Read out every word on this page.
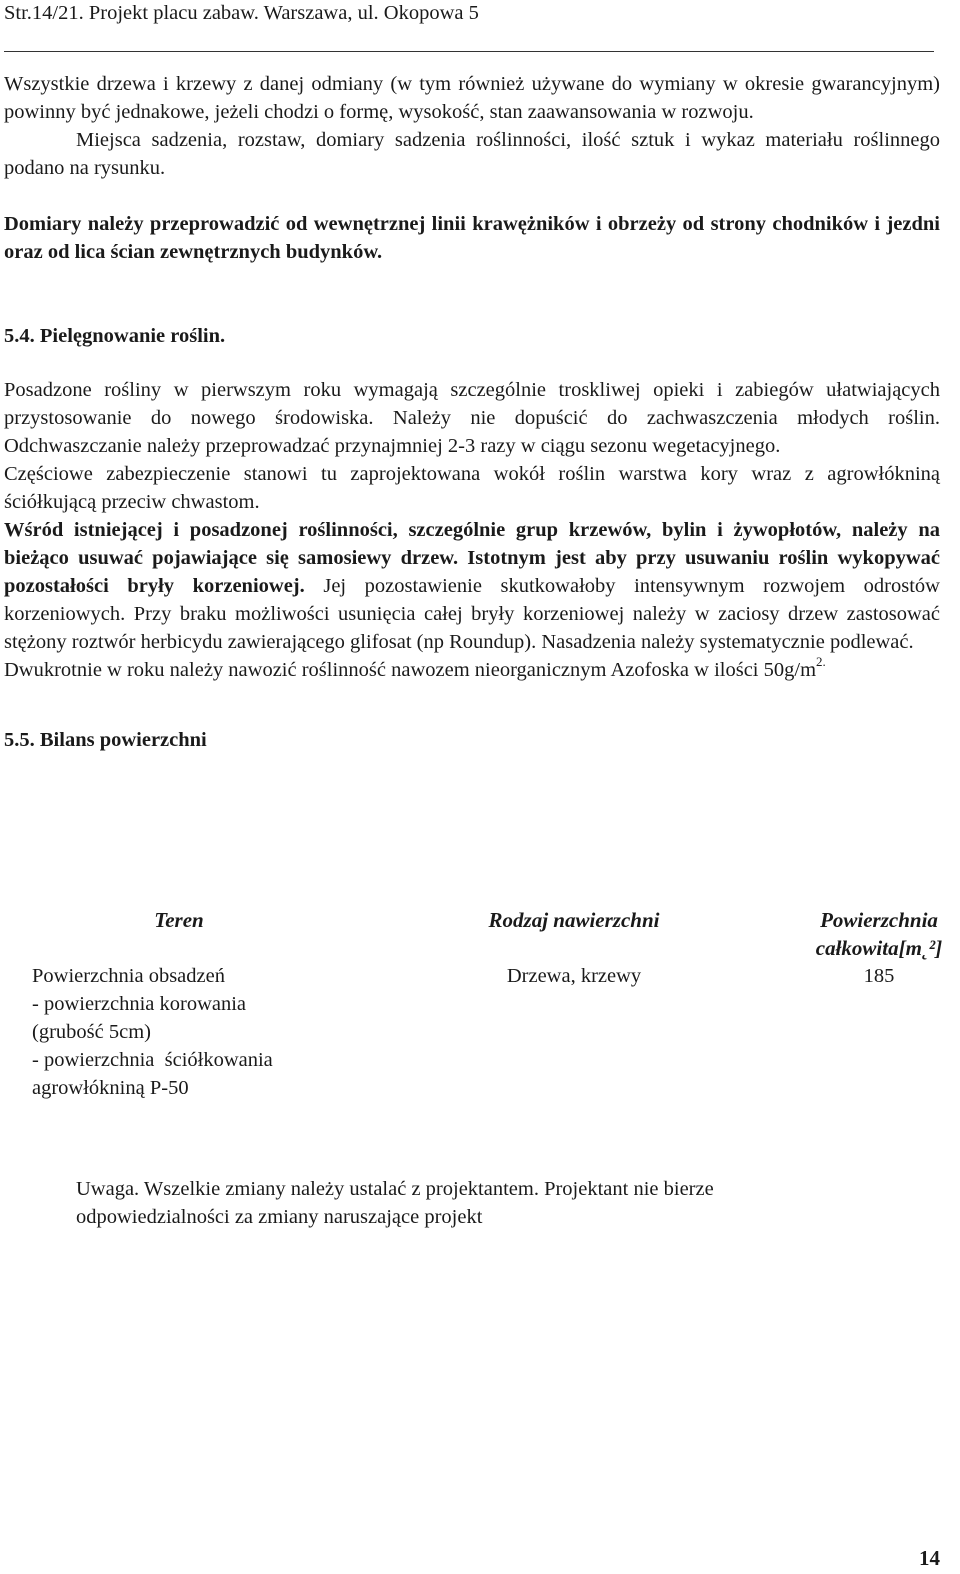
Str.14/21. Projekt placu zabaw. Warszawa, ul. Okopowa 5

Wszystkie drzewa i krzewy z danej odmiany (w tym również używane do wymiany w okresie gwarancyjnym) powinny być jednakowe, jeżeli chodzi o formę, wysokość, stan zaawansowania w rozwoju.

Miejsca sadzenia, rozstaw, domiary sadzenia roślinności, ilość sztuk i wykaz materiału roślinnego podano na rysunku.

Domiary należy przeprowadzić od wewnętrznej linii krawężników i obrzeży od strony chodników i jezdni oraz od lica ścian zewnętrznych budynków.

5.4. Pielęgnowanie roślin.

Posadzone rośliny w pierwszym roku wymagają szczególnie troskliwej opieki i zabiegów ułatwiających przystosowanie do nowego środowiska. Należy nie dopuścić do zachwaszczenia młodych roślin. Odchwaszczanie należy przeprowadzać przynajmniej 2-3 razy w ciągu sezonu wegetacyjnego.

Częściowe zabezpieczenie stanowi tu zaprojektowana wokół roślin warstwa kory wraz z agrowłókniną ściółkującą przeciw chwastom.

Wśród istniejącej i posadzonej roślinności, szczególnie grup krzewów, bylin i żywopłotów, należy na bieżąco usuwać pojawiające się samosiewy drzew. Istotnym jest aby przy usuwaniu roślin wykopywać pozostałości bryły korzeniowej. Jej pozostawienie skutkowałoby intensywnym rozwojem odrostów korzeniowych. Przy braku możliwości usunięcia całej bryły korzeniowej należy w zaciosy drzew zastosować stężony roztwór herbicydu zawierającego glifosat (np Roundup). Nasadzenia należy systematycznie podlewać.

Dwukrotnie w roku należy nawozić roślinność nawozem nieorganicznym Azofoska w ilości $50g/m^{2.}$

5.5. Bilans powierzchni

Teren	Rodzaj nawierzchni	Powierzchnia całkowita[m˛²]
Powierzchnia obsadzeń
- powierzchnia korowania
(grubość 5cm)
- powierzchnia  ściółkowania
agrowłókniną P-50
Drzewa, krzewy	185
Uwaga. Wszelkie zmiany należy ustalać z projektantem. Projektant nie bierze
odpowiedzialności za zmiany naruszające projekt
14
